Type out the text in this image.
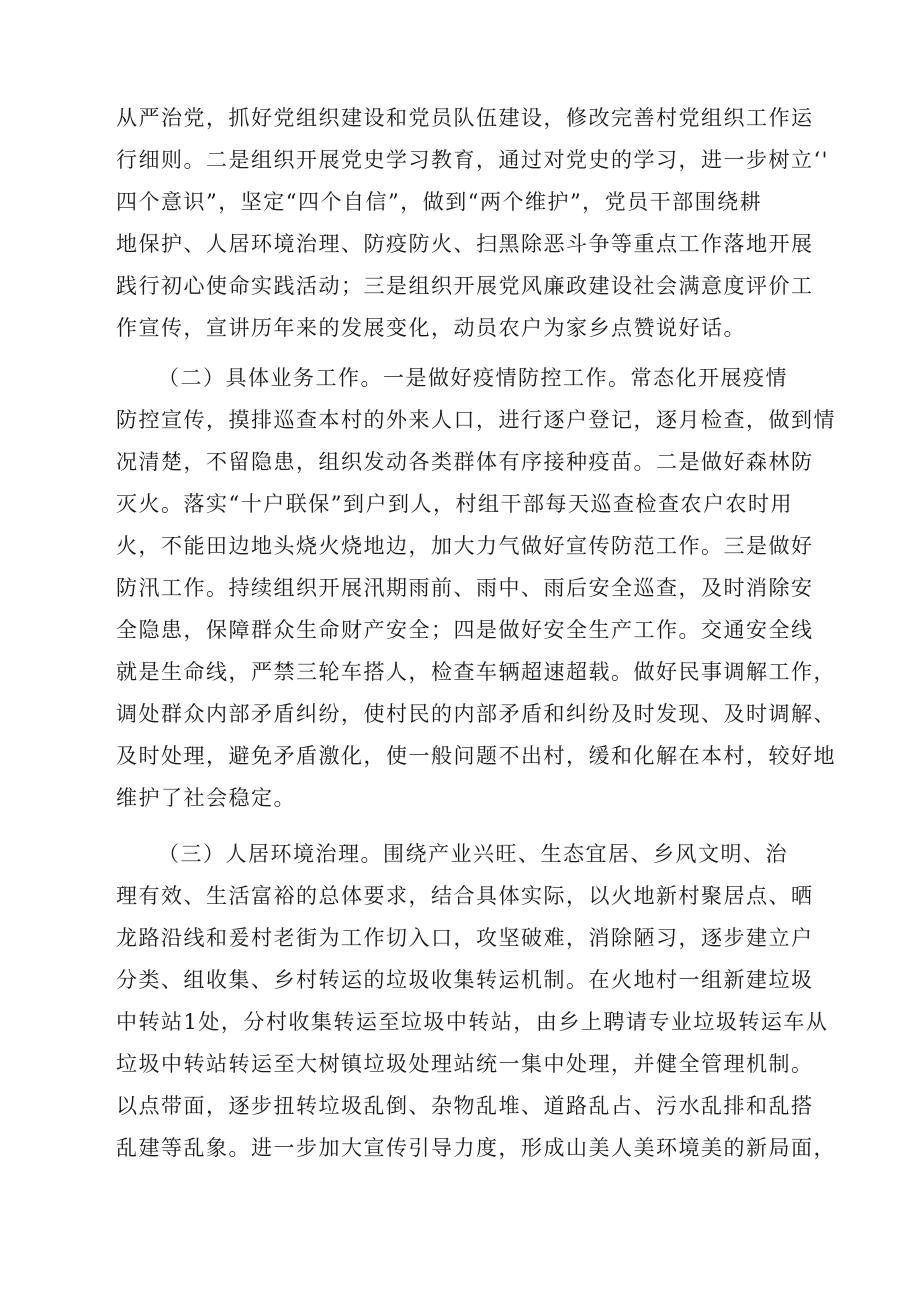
从严治党，抓好党组织建设和党员队伍建设，修改完善村党组织工作运
行细则。二是组织开展党史学习教育，通过对党史的学习，进一步树立‘'
四个意识”，坚定“四个自信”，做到“两个维护”，党员干部围绕耕
地保护、人居环境治理、防疫防火、扫黑除恶斗争等重点工作落地开展
践行初心使命实践活动；三是组织开展党风廉政建设社会满意度评价工
作宣传，宣讲历年来的发展变化，动员农户为家乡点赞说好话。
（二）具体业务工作。一是做好疫情防控工作。常态化开展疫情
防控宣传，摸排巡查本村的外来人口，进行逐户登记，逐月检查，做到情
况清楚，不留隐患，组织发动各类群体有序接种疫苗。二是做好森林防
灭火。落实“十户联保”到户到人，村组干部每天巡查检查农户农时用
火，不能田边地头烧火烧地边，加大力气做好宣传防范工作。三是做好
防汛工作。持续组织开展汛期雨前、雨中、雨后安全巡查，及时消除安
全隐患，保障群众生命财产安全；四是做好安全生产工作。交通安全线
就是生命线，严禁三轮车搭人，检查车辆超速超载。做好民事调解工作，
调处群众内部矛盾纠纷，使村民的内部矛盾和纠纷及时发现、及时调解、
及时处理，避免矛盾激化，使一般问题不出村，缓和化解在本村，较好地
维护了社会稳定。
（三）人居环境治理。围绕产业兴旺、生态宜居、乡风文明、治
理有效、生活富裕的总体要求，结合具体实际，以火地新村聚居点、晒
龙路沿线和爰村老街为工作切入口，攻坚破难，消除陋习，逐步建立户
分类、组收集、乡村转运的垃圾收集转运机制。在火地村一组新建垃圾
中转站1处，分村收集转运至垃圾中转站，由乡上聘请专业垃圾转运车从
垃圾中转站转运至大树镇垃圾处理站统一集中处理，并健全管理机制。
以点带面，逐步扭转垃圾乱倒、杂物乱堆、道路乱占、污水乱排和乱搭
乱建等乱象。进一步加大宣传引导力度，形成山美人美环境美的新局面，
